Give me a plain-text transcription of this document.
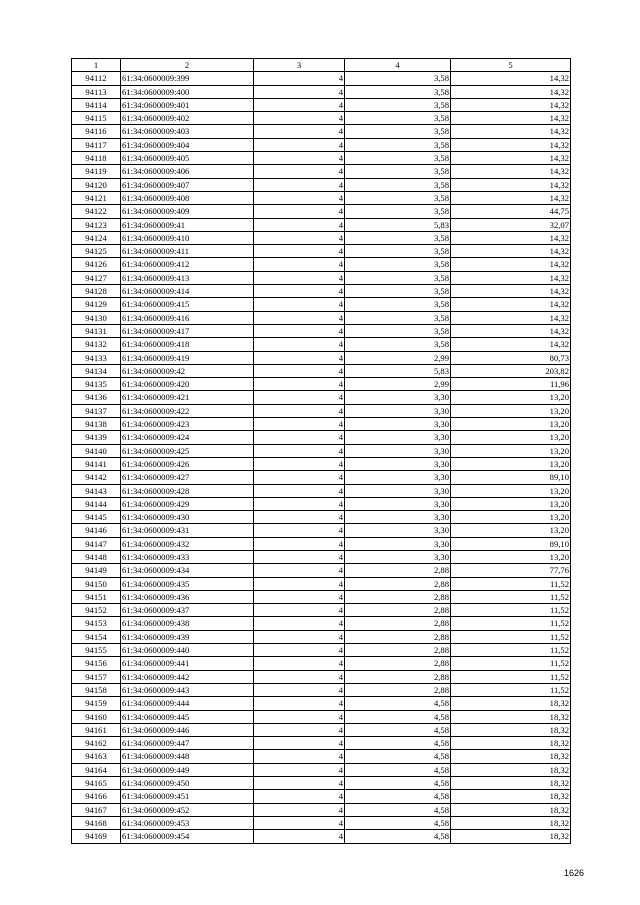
1	2	3	4	5
94112	61:34:0600009:399	4	3,58	14,32
94113	61:34:0600009:400	4	3,58	14,32
94114	61:34:0600009:401	4	3,58	14,32
94115	61:34:0600009:402	4	3,58	14,32
94116	61:34:0600009:403	4	3,58	14,32
94117	61:34:0600009:404	4	3,58	14,32
94118	61:34:0600009:405	4	3,58	14,32
94119	61:34:0600009:406	4	3,58	14,32
94120	61:34:0600009:407	4	3,58	14,32
94121	61:34:0600009:408	4	3,58	14,32
94122	61:34:0600009:409	4	3,58	44,75
94123	61:34:0600009:41	4	5,83	32,07
94124	61:34:0600009:410	4	3,58	14,32
94125	61:34:0600009:411	4	3,58	14,32
94126	61:34:0600009:412	4	3,58	14,32
94127	61:34:0600009:413	4	3,58	14,32
94128	61:34:0600009:414	4	3,58	14,32
94129	61:34:0600009:415	4	3,58	14,32
94130	61:34:0600009:416	4	3,58	14,32
94131	61:34:0600009:417	4	3,58	14,32
94132	61:34:0600009:418	4	3,58	14,32
94133	61:34:0600009:419	4	2,99	80,73
94134	61:34:0600009:42	4	5,83	203,82
94135	61:34:0600009:420	4	2,99	11,96
94136	61:34:0600009:421	4	3,30	13,20
94137	61:34:0600009:422	4	3,30	13,20
94138	61:34:0600009:423	4	3,30	13,20
94139	61:34:0600009:424	4	3,30	13,20
94140	61:34:0600009:425	4	3,30	13,20
94141	61:34:0600009:426	4	3,30	13,20
94142	61:34:0600009:427	4	3,30	89,10
94143	61:34:0600009:428	4	3,30	13,20
94144	61:34:0600009:429	4	3,30	13,20
94145	61:34:0600009:430	4	3,30	13,20
94146	61:34:0600009:431	4	3,30	13,20
94147	61:34:0600009:432	4	3,30	89,10
94148	61:34:0600009:433	4	3,30	13,20
94149	61:34:0600009:434	4	2,88	77,76
94150	61:34:0600009:435	4	2,88	11,52
94151	61:34:0600009:436	4	2,88	11,52
94152	61:34:0600009:437	4	2,88	11,52
94153	61:34:0600009:438	4	2,88	11,52
94154	61:34:0600009:439	4	2,88	11,52
94155	61:34:0600009:440	4	2,88	11,52
94156	61:34:0600009:441	4	2,88	11,52
94157	61:34:0600009:442	4	2,88	11,52
94158	61:34:0600009:443	4	2,88	11,52
94159	61:34:0600009:444	4	4,58	18,32
94160	61:34:0600009:445	4	4,58	18,32
94161	61:34:0600009:446	4	4,58	18,32
94162	61:34:0600009:447	4	4,58	18,32
94163	61:34:0600009:448	4	4,58	18,32
94164	61:34:0600009:449	4	4,58	18,32
94165	61:34:0600009:450	4	4,58	18,32
94166	61:34:0600009:451	4	4,58	18,32
94167	61:34:0600009:452	4	4,58	18,32
94168	61:34:0600009:453	4	4,58	18,32
94169	61:34:0600009:454	4	4,58	18,32
1626
